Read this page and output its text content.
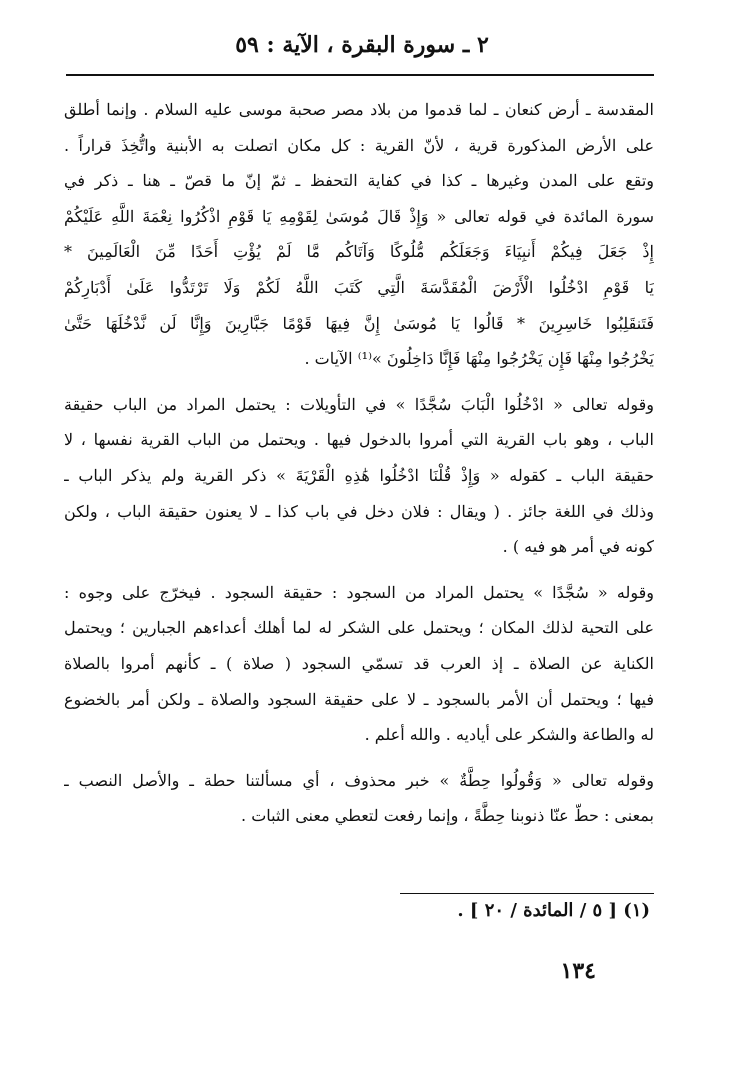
٢ ـ سورة البقرة ، الآية : ٥٩

المقدسة ـ أرض كنعان ـ لما قدموا من بلاد مصر صحبة موسى عليه السلام . وإنما أطلق
على الأرض المذكورة قرية ، لأنّ القرية : كل مكان اتصلت به الأبنية واتُّخِذَ قراراً .
وتقع على المدن وغيرها ـ كذا في كفاية التحفظ ـ ثمّ إنّ ما قصّ ـ هنا ـ ذكر في
سورة المائدة في قوله تعالى « وَإِذْ قَالَ مُوسَىٰ لِقَوْمِهِ يَا قَوْمِ اذْكُرُوا نِعْمَةَ اللَّهِ عَلَيْكُمْ
إِذْ جَعَلَ فِيكُمْ أَنبِيَاءَ وَجَعَلَكُم مُّلُوكًا وَآتَاكُم مَّا لَمْ يُؤْتِ أَحَدًا مِّنَ الْعَالَمِينَ *
يَا قَوْمِ ادْخُلُوا الْأَرْضَ الْمُقَدَّسَةَ الَّتِي كَتَبَ اللَّهُ لَكُمْ وَلَا تَرْتَدُّوا عَلَىٰ أَدْبَارِكُمْ
فَتَنقَلِبُوا خَاسِرِينَ * قَالُوا يَا مُوسَىٰ إِنَّ فِيهَا قَوْمًا جَبَّارِينَ وَإِنَّا لَن نَّدْخُلَهَا حَتَّىٰ
يَخْرُجُوا مِنْهَا فَإِن يَخْرُجُوا مِنْهَا فَإِنَّا دَاخِلُونَ »⁽¹⁾ الآيات .

وقوله تعالى « ادْخُلُوا الْبَابَ سُجَّدًا » في التأويلات : يحتمل المراد من الباب حقيقة
الباب ، وهو باب القرية التي أمروا بالدخول فيها . ويحتمل من الباب القرية نفسها ، لا
حقيقة الباب ـ كقوله « وَإِذْ قُلْنَا ادْخُلُوا هَٰذِهِ الْقَرْيَةَ » ذكر القرية ولم يذكر الباب ـ
وذلك في اللغة جائز . ( ويقال : فلان دخل في باب كذا ـ لا يعنون حقيقة الباب ، ولكن
كونه في أمر هو فيه ) .

وقوله « سُجَّدًا » يحتمل المراد من السجود : حقيقة السجود . فيخرّج على وجوه :
على التحية لذلك المكان ؛ ويحتمل على الشكر له لما أهلك أعداءهم الجبارين ؛ ويحتمل
الكناية عن الصلاة ـ إذ العرب قد تسمّي السجود ( صلاة ) ـ كأنهم أمروا بالصلاة
فيها ؛ ويحتمل أن الأمر بالسجود ـ لا على حقيقة السجود والصلاة ـ ولكن أمر بالخضوع
له والطاعة والشكر على أياديه . والله أعلم .

وقوله تعالى « وَقُولُوا حِطَّةٌ » خبر محذوف ، أي مسألتنا حطة ـ والأصل النصب ـ
بمعنى : حطّ عنّا ذنوبنا حِطَّةً ، وإنما رفعت لتعطي معنى الثبات .

(١) [ ٥ / المائدة / ٢٠ ] .
١٣٤
